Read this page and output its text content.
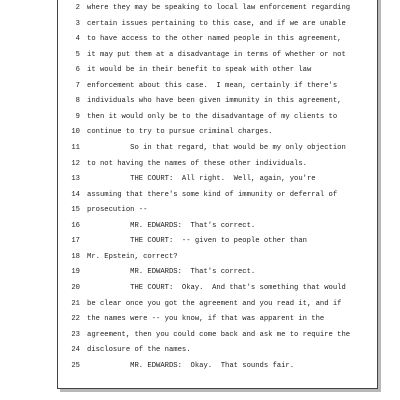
2 where they may be speaking to local law enforcement regarding
3 certain issues pertaining to this case, and if we are unable
4 to have access to the other named people in this agreement,
5 it may put them at a disadvantage in terms of whether or not
6 it would be in their benefit to speak with other law
7 enforcement about this case.  I mean, certainly if there's
8 individuals who have been given immunity in this agreement,
9 then it would only be to the disadvantage of my clients to
10 continue to try to pursue criminal charges.
11 So in that regard, that would be my only objection
12 to not having the names of these other individuals.
13 THE COURT:  All right.  Well, again, you're
14 assuming that there's some kind of immunity or deferral of
15 prosecution --
16 MR. EDWARDS:  That's correct.
17 THE COURT:  -- given to people other than
18 Mr. Epstein, correct?
19 MR. EDWARDS:  That's correct.
20 THE COURT:  Okay.  And that's something that would
21 be clear once you got the agreement and you read it, and if
22 the names were -- you know, if that was apparent in the
23 agreement, then you could come back and ask me to require the
24 disclosure of the names.
25 MR. EDWARDS:  Okay.  That sounds fair.
